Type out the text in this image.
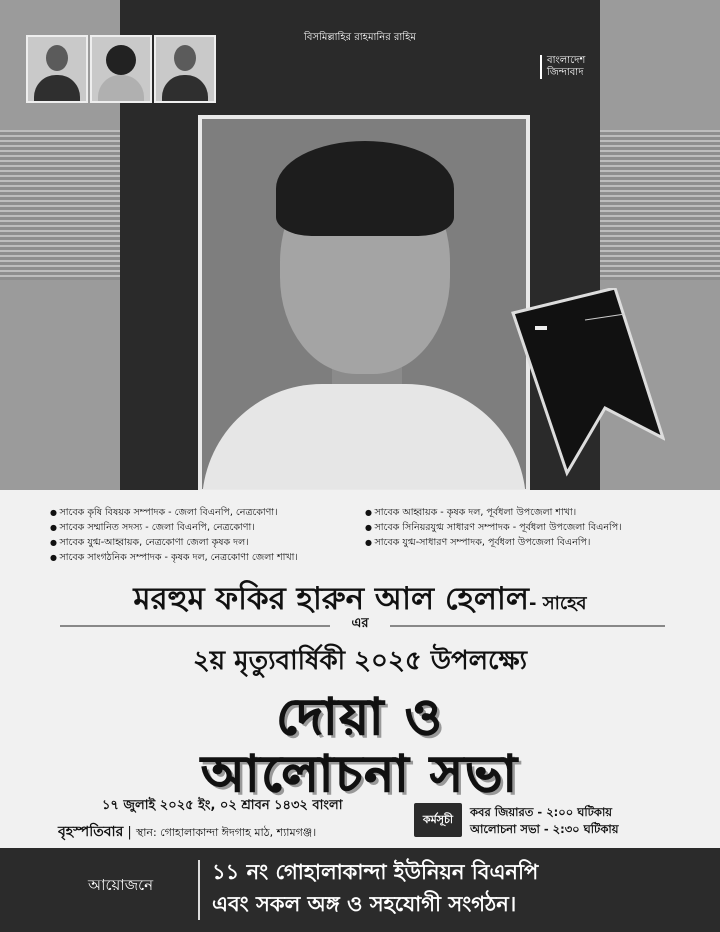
বিসমিল্লাহির রাহমানির রাহিম
বাংলাদেশ
জিন্দাবাদ
● সাবেক কৃষি বিষয়ক সম্পাদক - জেলা বিএনপি, নেত্রকোণা।
● সাবেক সম্মানিত সদস্য - জেলা বিএনপি, নেত্রকোণা।
● সাবেক যুগ্ম-আহ্বায়ক, নেত্রকোণা জেলা কৃষক দল।
● সাবেক সাংগঠনিক সম্পাদক - কৃষক দল, নেত্রকোণা জেলা শাখা।
● সাবেক আহ্বায়ক - কৃষক দল, পূর্বধলা উপজেলা শাখা।
● সাবেক সিনিয়রযুগ্ম সাধারণ সম্পাদক - পূর্বধলা উপজেলা বিএনপি।
● সাবেক যুগ্ম-সাধারণ সম্পাদক, পূর্বধলা উপজেলা বিএনপি।
মরহুম ফকির হারুন আল হেলাল- সাহেব
এর
২য় মৃত্যুবার্ষিকী ২০২৫ উপলক্ষ্যে
দোয়া ও
আলোচনা সভা
১৭ জুলাই ২০২৫ ইং, ০২ শ্রাবন ১৪৩২ বাংলা
বৃহস্পতিবার | স্থান: গোহালাকান্দা ঈদগাহ মাঠ, শ্যামগঞ্জ।
কর্মসূচী
কবর জিয়ারত - ২:০০ ঘটিকায়
আলোচনা সভা - ২:৩০ ঘটিকায়
আয়োজনে
১১ নং গোহালাকান্দা ইউনিয়ন বিএনপি
এবং সকল অঙ্গ ও সহযোগী সংগঠন।
